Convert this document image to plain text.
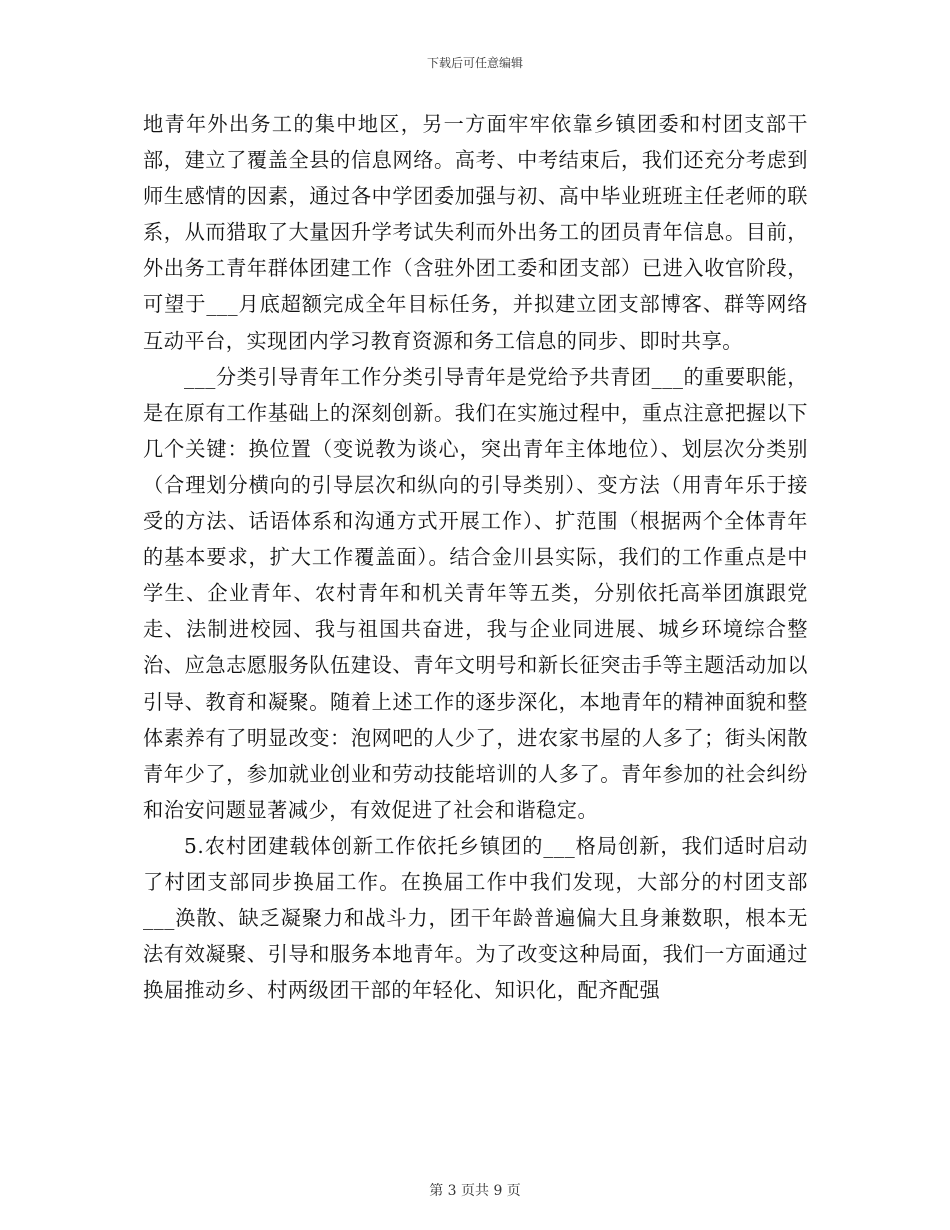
下载后可任意编辑

地青年外出务工的集中地区，另一方面牢牢依靠乡镇团委和村团支部干部，建立了覆盖全县的信息网络。高考、中考结束后，我们还充分考虑到师生感情的因素，通过各中学团委加强与初、高中毕业班班主任老师的联系，从而猎取了大量因升学考试失利而外出务工的团员青年信息。目前，外出务工青年群体团建工作（含驻外团工委和团支部）已进入收官阶段，可望于___月底超额完成全年目标任务，并拟建立团支部博客、群等网络互动平台，实现团内学习教育资源和务工信息的同步、即时共享。

___分类引导青年工作分类引导青年是党给予共青团___的重要职能，是在原有工作基础上的深刻创新。我们在实施过程中，重点注意把握以下几个关键：换位置（变说教为谈心，突出青年主体地位）、划层次分类别（合理划分横向的引导层次和纵向的引导类别）、变方法（用青年乐于接受的方法、话语体系和沟通方式开展工作）、扩范围（根据两个全体青年的基本要求，扩大工作覆盖面）。结合金川县实际，我们的工作重点是中学生、企业青年、农村青年和机关青年等五类，分别依托高举团旗跟党走、法制进校园、我与祖国共奋进，我与企业同进展、城乡环境综合整治、应急志愿服务队伍建设、青年文明号和新长征突击手等主题活动加以引导、教育和凝聚。随着上述工作的逐步深化，本地青年的精神面貌和整体素养有了明显改变：泡网吧的人少了，进农家书屋的人多了；街头闲散青年少了，参加就业创业和劳动技能培训的人多了。青年参加的社会纠纷和治安问题显著减少，有效促进了社会和谐稳定。

5.农村团建载体创新工作依托乡镇团的___格局创新，我们适时启动了村团支部同步换届工作。在换届工作中我们发现，大部分的村团支部___涣散、缺乏凝聚力和战斗力，团干年龄普遍偏大且身兼数职，根本无法有效凝聚、引导和服务本地青年。为了改变这种局面，我们一方面通过换届推动乡、村两级团干部的年轻化、知识化，配齐配强

第 3 页共 9 页
